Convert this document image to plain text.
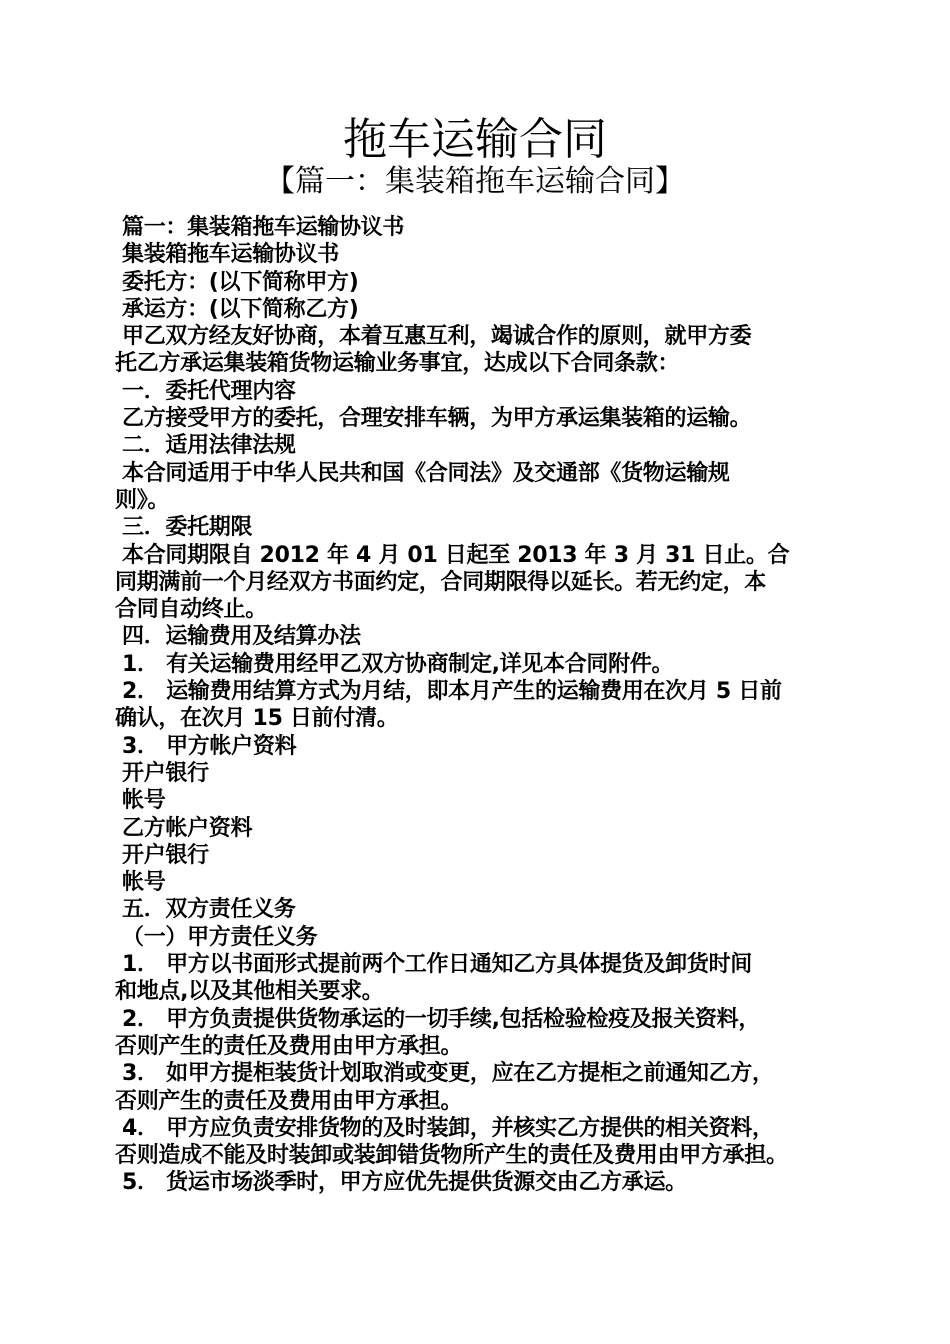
拖车运输合同
【篇一：集装箱拖车运输合同】

篇一：集装箱拖车运输协议书

集装箱拖车运输协议书

委托方：(以下简称甲方)

承运方：(以下简称乙方)

甲乙双方经友好协商，本着互惠互利，竭诚合作的原则，就甲方委

托乙方承运集装箱货物运输业务事宜，达成以下合同条款：

一．委托代理内容

乙方接受甲方的委托，合理安排车辆，为甲方承运集装箱的运输。

二．适用法律法规

本合同适用于中华人民共和国《合同法》及交通部《货物运输规

则》。

三．委托期限

本合同期限自 2012 年 4 月 01 日起至 2013 年 3 月 31 日止。合

同期满前一个月经双方书面约定，合同期限得以延长。若无约定，本

合同自动终止。

四．运输费用及结算办法

1． 有关运输费用经甲乙双方协商制定,详见本合同附件。

2． 运输费用结算方式为月结，即本月产生的运输费用在次月 5 日前

确认，在次月 15 日前付清。

3． 甲方帐户资料

开户银行

帐号

乙方帐户资料

开户银行

帐号

五．双方责任义务

（一）甲方责任义务

1． 甲方以书面形式提前两个工作日通知乙方具体提货及卸货时间

和地点,以及其他相关要求。

2． 甲方负责提供货物承运的一切手续,包括检验检疫及报关资料，

否则产生的责任及费用由甲方承担。

3． 如甲方提柜装货计划取消或变更，应在乙方提柜之前通知乙方，

否则产生的责任及费用由甲方承担。

4． 甲方应负责安排货物的及时装卸，并核实乙方提供的相关资料，

否则造成不能及时装卸或装卸错货物所产生的责任及费用由甲方承担。

5． 货运市场淡季时，甲方应优先提供货源交由乙方承运。
